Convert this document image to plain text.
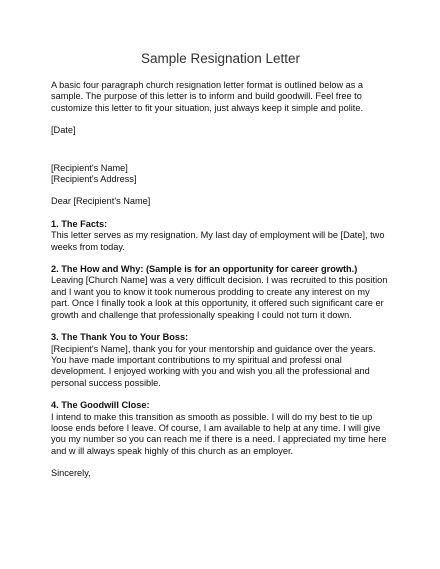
Sample Resignation Letter

A basic four paragraph church resignation letter format is outlined below as a sample. The purpose of this letter is to inform and build goodwill. Feel free to customize this letter to fit your situation, just always keep it simple and polite.

[Date]

[Recipient's Name]

[Recipient's Address]

Dear [Recipient's Name]

1. The Facts:

This letter serves as my resignation. My last day of employment will be [Date], two weeks from today.

2. The How and Why: (Sample is for an opportunity for career growth.)

Leaving [Church Name] was a very difficult decision. I was recruited to this position and I want you to know it took numerous prodding to create any interest on my part. Once I finally took a look at this opportunity, it offered such significant care er growth and challenge that professionally speaking I could not turn it down.

3. The Thank You to Your Boss:

[Recipient's Name], thank you for your mentorship and guidance over the years. You have made important contributions to my spiritual and professi onal development. I enjoyed working with you and wish you all the professional and personal success possible.

4. The Goodwill Close:

I intend to make this transition as smooth as possible. I will do my best to tie up loose ends before I leave. Of course, I am available to help at any time. I will give you my number so you can reach me if there is a need. I appreciated my time here and w ill always speak highly of this church as an employer.

Sincerely,
